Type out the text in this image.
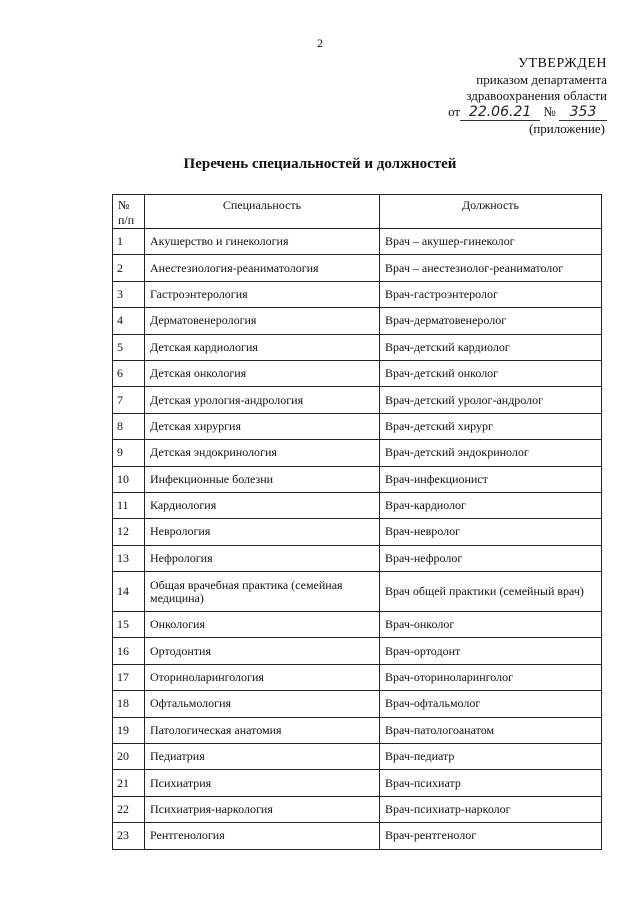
2
УТВЕРЖДЕН
приказом департамента
здравоохранения области
от 22.06.21 № 353
(приложение)
Перечень специальностей и должностей
№ п/п	Специальность	Должность

1	Акушерство и гинекология	Врач – акушер-гинеколог

2	Анестезиология-реаниматология	Врач – анестезиолог-реаниматолог

3	Гастроэнтерология	Врач-гастроэнтеролог

4	Дерматовенерология	Врач-дерматовенеролог

5	Детская кардиология	Врач-детский кардиолог

6	Детская онкология	Врач-детский онколог

7	Детская урология-андрология	Врач-детский уролог-андролог

8	Детская хирургия	Врач-детский хирург

9	Детская эндокринология	Врач-детский эндокринолог

10	Инфекционные болезни	Врач-инфекционист

11	Кардиология	Врач-кардиолог

12	Неврология	Врач-невролог

13	Нефрология	Врач-нефролог

14	Общая врачебная практика (семейная медицина)	Врач общей практики (семейный врач)

15	Онкология	Врач-онколог

16	Ортодонтия	Врач-ортодонт

17	Оториноларингология	Врач-оториноларинголог

18	Офтальмология	Врач-офтальмолог

19	Патологическая анатомия	Врач-патологоанатом

20	Педиатрия	Врач-педиатр

21	Психиатрия	Врач-психиатр

22	Психиатрия-наркология	Врач-психиатр-нарколог

23	Рентгенология	Врач-рентгенолог
